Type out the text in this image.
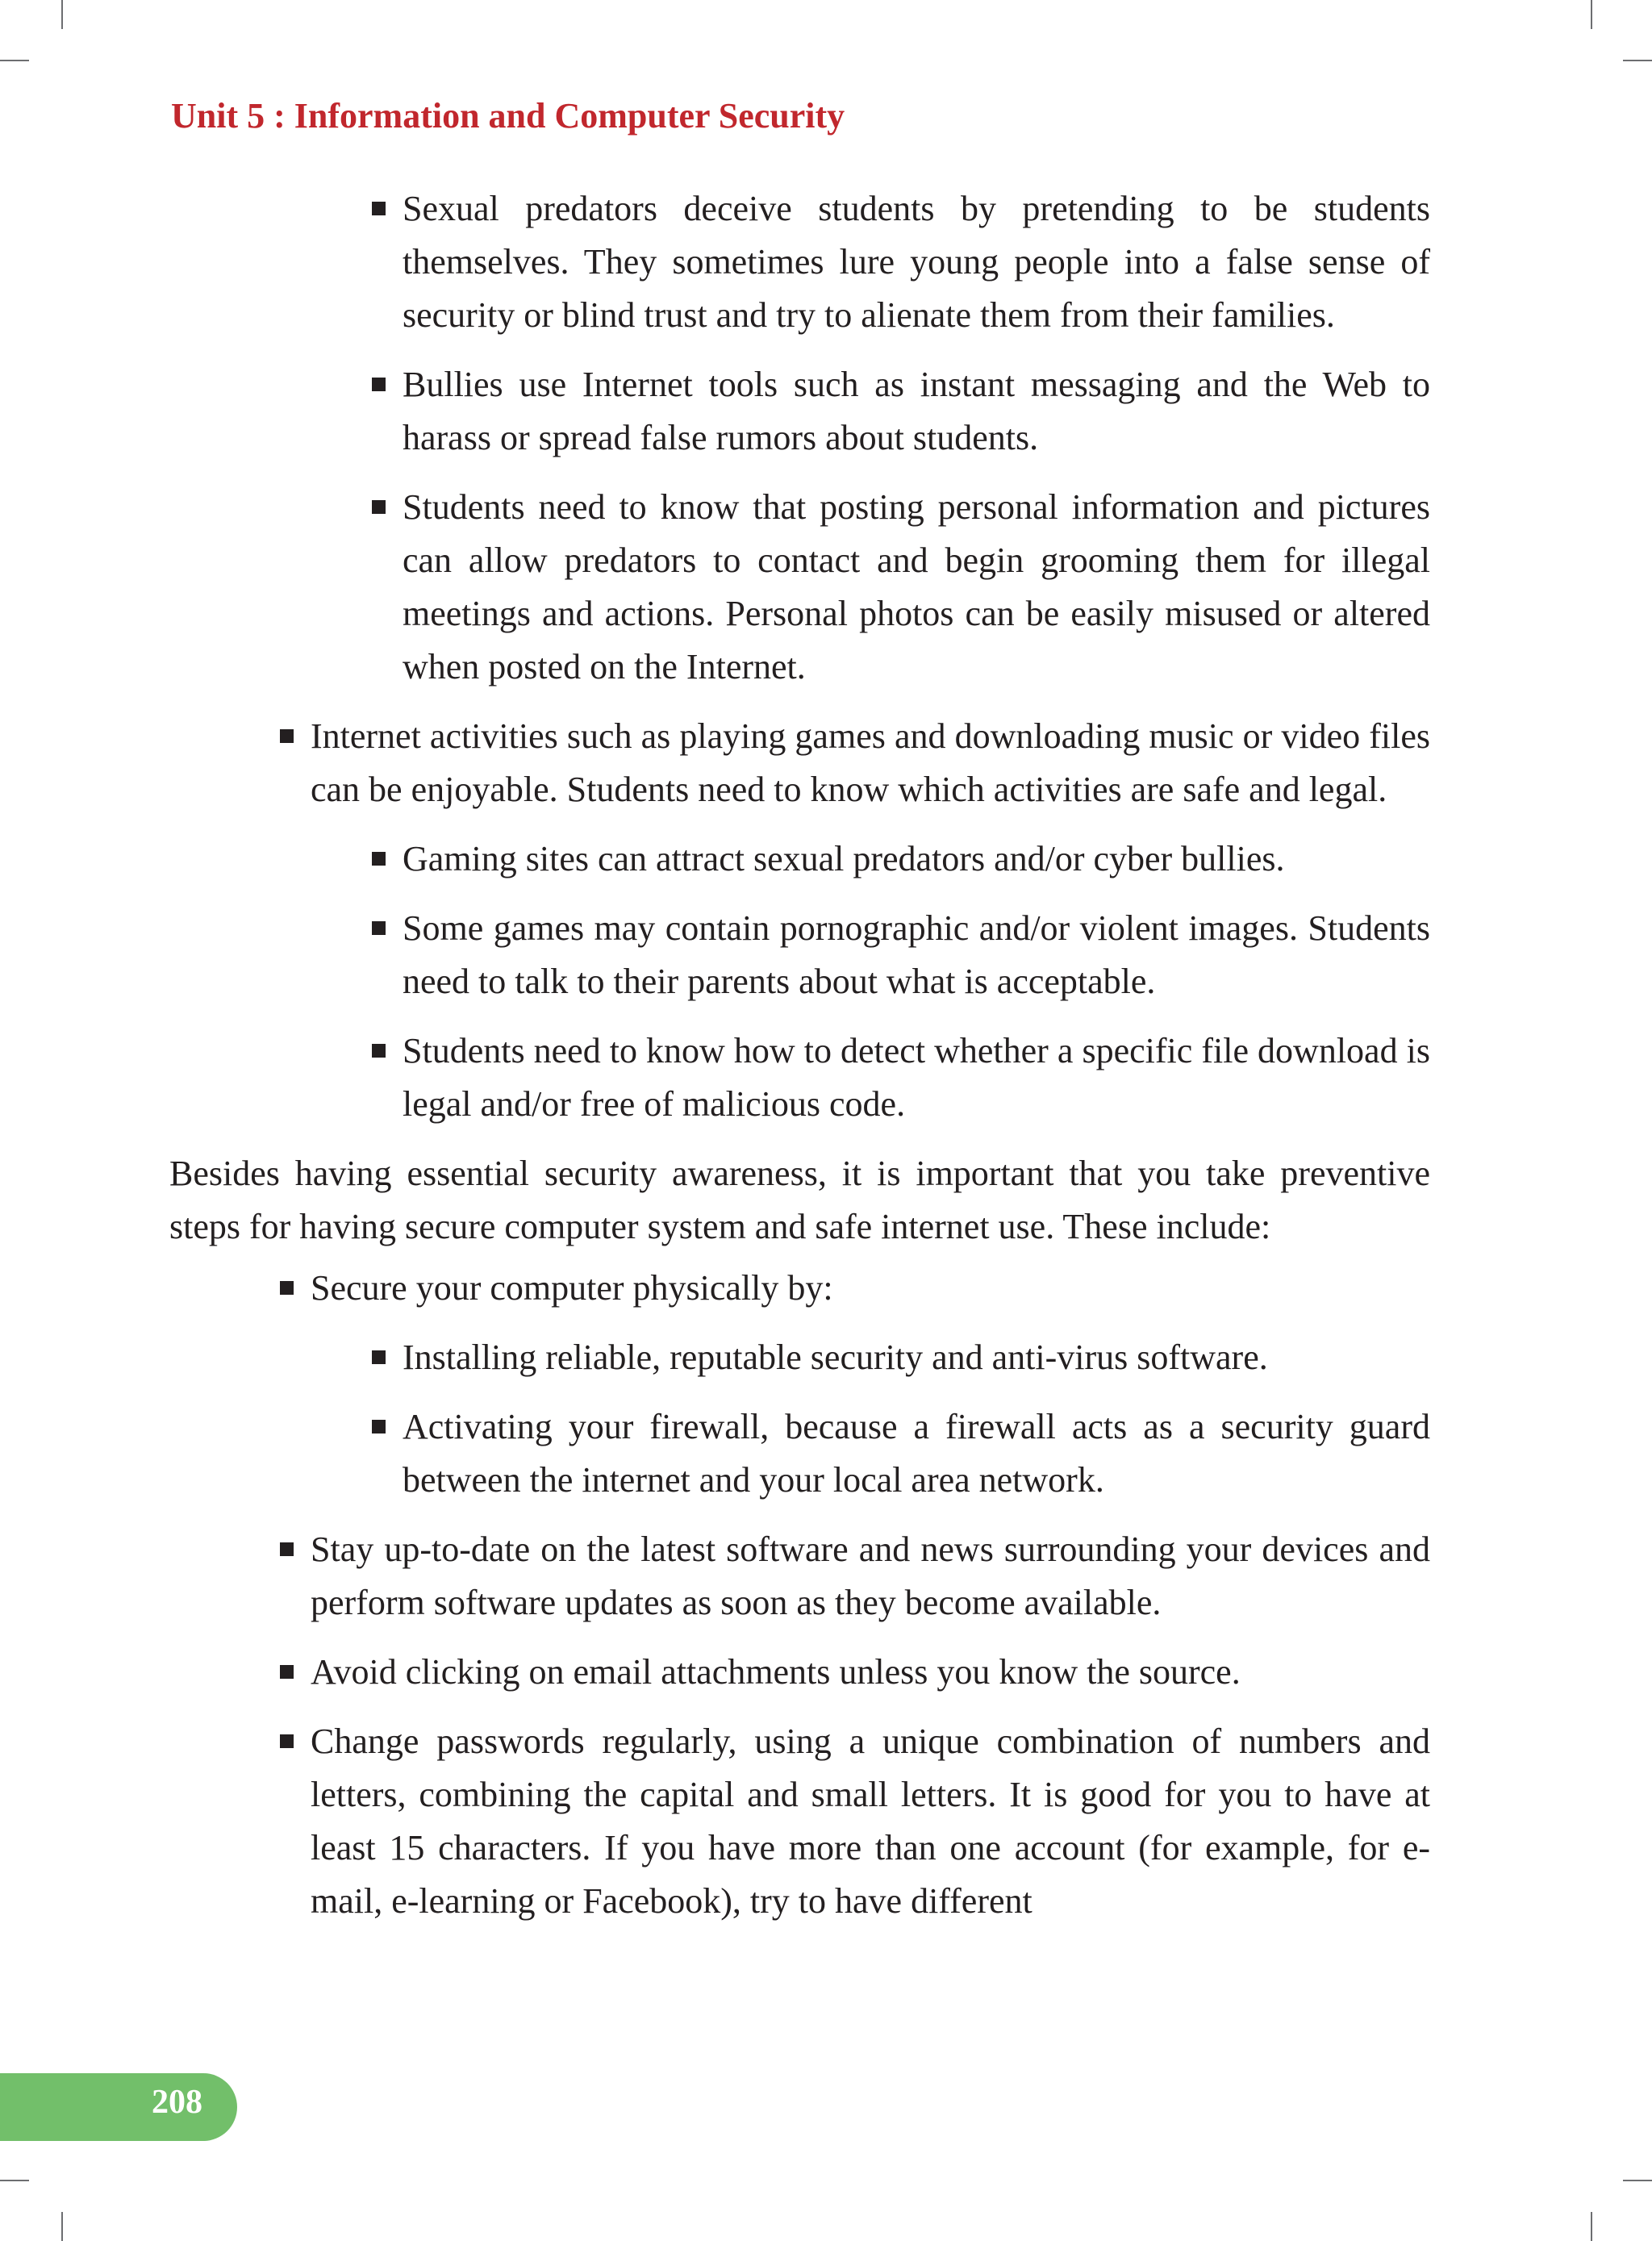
Unit 5 : Information and Computer Security

Sexual predators deceive students by pretending to be students themselves. They sometimes lure young people into a false sense of security or blind trust and try to alienate them from their families.

Bullies use Internet tools such as instant messaging and the Web to harass or spread false rumors about students.

Students need to know that posting personal information and pictures can allow predators to contact and begin grooming them for illegal meetings and actions. Personal photos can be easily misused or altered when posted on the Internet.

Internet activities such as playing games and downloading music or video files can be enjoyable. Students need to know which activities are safe and legal.

Gaming sites can attract sexual predators and/or cyber bullies.

Some games may contain pornographic and/or violent images. Students need to talk to their parents about what is acceptable.

Students need to know how to detect whether a specific file download is legal and/or free of malicious code.

Besides having essential security awareness, it is important that you take preventive steps for having secure computer system and safe internet use. These include:

Secure your computer physically by:

Installing reliable, reputable security and anti-virus software.

Activating your firewall, because a firewall acts as a security guard between the internet and your local area network.

Stay up-to-date on the latest software and news surrounding your devices and perform software updates as soon as they become available.

Avoid clicking on email attachments unless you know the source.

Change passwords regularly, using a unique combination of numbers and letters, combining the capital and small letters. It is good for you to have at least 15 characters. If you have more than one account (for example, for e-mail, e-learning or Facebook), try to have different

208
